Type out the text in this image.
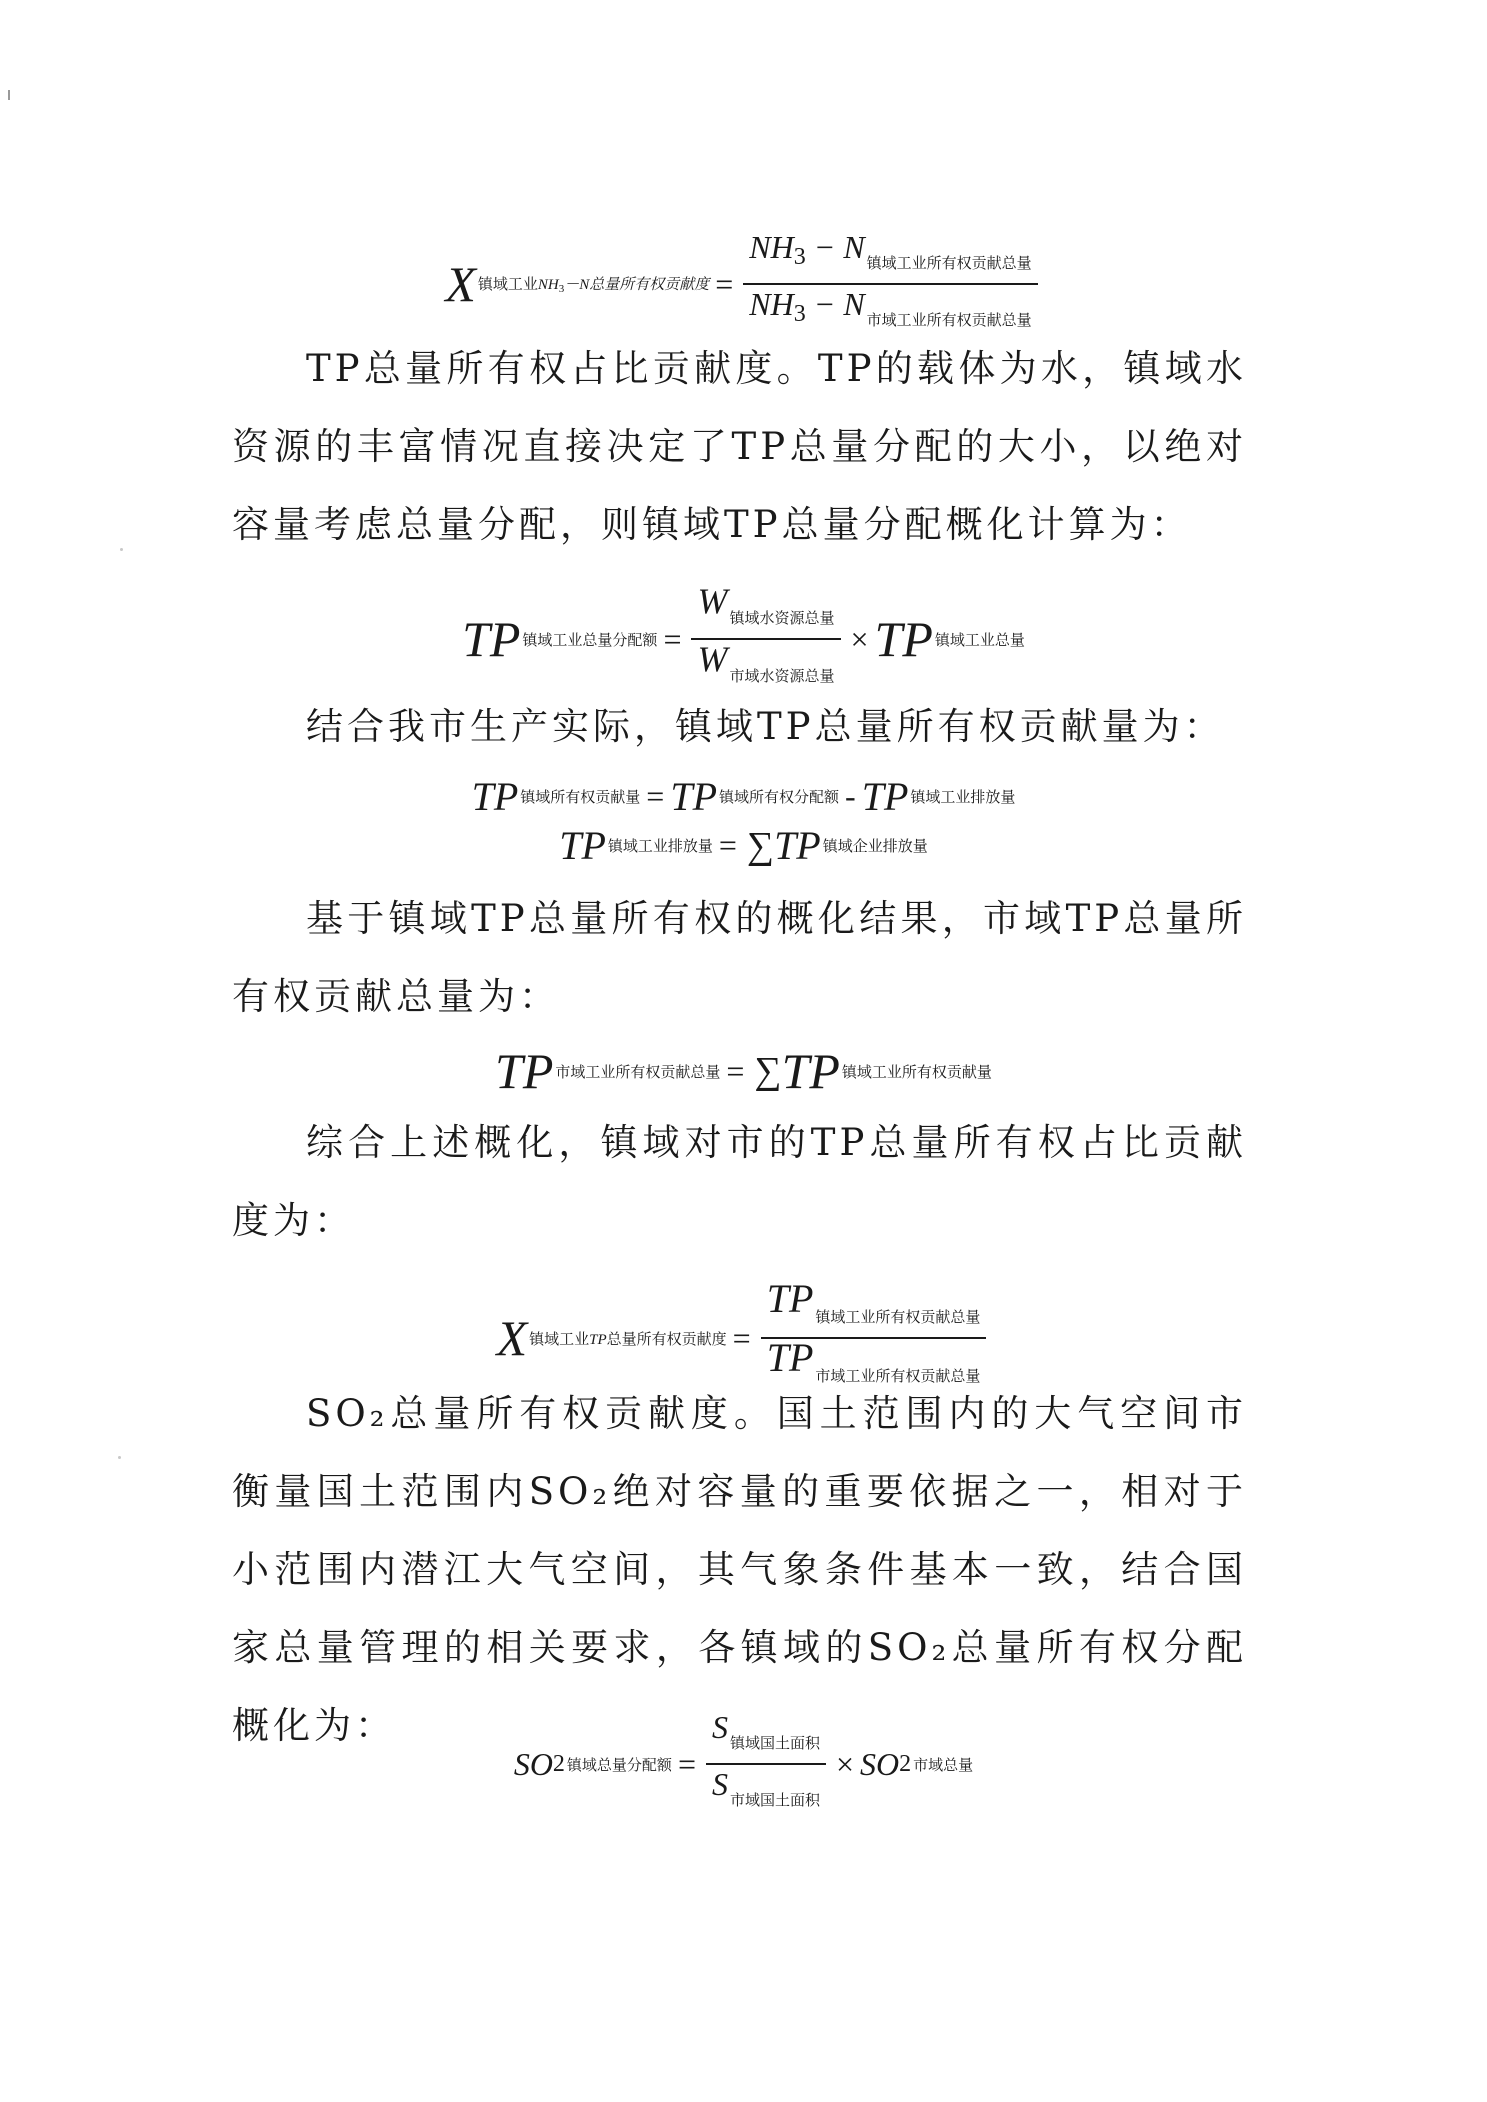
X 镇域工业$NH_3-N$总量所有权贡献度 = $\frac{\text{NH3 − N 镇域工业所有权贡献总量}}{\text{NH3 − N 市域工业所有权贡献总量}}$

TP总量所有权占比贡献度。TP的载体为水，镇域水资源的丰富情况直接决定了TP总量分配的大小，以绝对容量考虑总量分配，则镇域TP总量分配概化计算为：

TP 镇域工业总量分配额 = $\frac{\text{W 镇域水资源总量}}{\text{W 市域水资源总量}}$ × TP 镇域工业总量

结合我市生产实际，镇域TP总量所有权贡献量为：

TP 镇域所有权贡献量 = TP 镇域所有权分配额 - TP 镇域工业排放量
TP 镇域工业排放量 = ∑ TP 镇域企业排放量

基于镇域TP总量所有权的概化结果，市域TP总量所有权贡献总量为：

TP 市域工业所有权贡献总量 = ∑ TP 镇域工业所有权贡献量

综合上述概化，镇域对市的TP总量所有权占比贡献度为：

X 镇域工业TP总量所有权贡献度 = $\frac{\text{TP 镇域工业所有权贡献总量}}{\text{TP 市域工业所有权贡献总量}}$

SO₂总量所有权贡献度。国土范围内的大气空间市衡量国土范围内SO₂绝对容量的重要依据之一，相对于小范围内潜江大气空间，其气象条件基本一致，结合国家总量管理的相关要求，各镇域的SO₂总量所有权分配概化为：

SO 2 镇域总量分配额 = $\frac{\text{S 镇域国土面积}}{\text{S 市域国土面积}}$ × SO 2 市域总量
